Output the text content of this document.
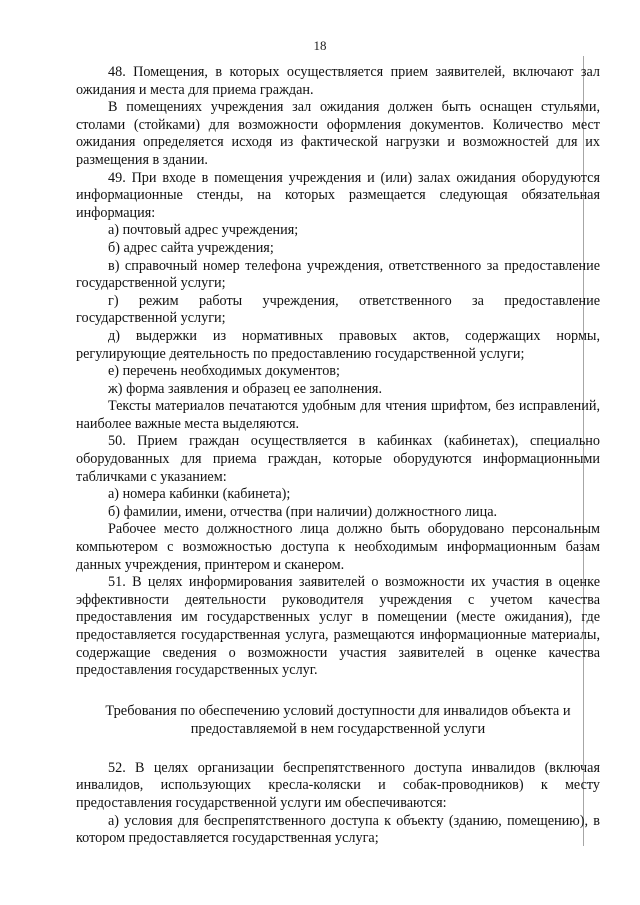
18

48. Помещения, в которых осуществляется прием заявителей, включают зал ожидания и места для приема граждан.

В помещениях учреждения зал ожидания должен быть оснащен стульями, столами (стойками) для возможности оформления документов. Количество мест ожидания определяется исходя из фактической нагрузки и возможностей для их размещения в здании.

49. При входе в помещения учреждения и (или) залах ожидания оборудуются информационные стенды, на которых размещается следующая обязательная информация:

а) почтовый адрес учреждения;

б) адрес сайта учреждения;

в) справочный номер телефона учреждения, ответственного за предоставление государственной услуги;

г) режим работы учреждения, ответственного за предоставление государственной услуги;

д) выдержки из нормативных правовых актов, содержащих нормы, регулирующие деятельность по предоставлению государственной услуги;

е) перечень необходимых документов;

ж) форма заявления и образец ее заполнения.

Тексты материалов печатаются удобным для чтения шрифтом, без исправлений, наиболее важные места выделяются.

50. Прием граждан осуществляется в кабинках (кабинетах), специально оборудованных для приема граждан, которые оборудуются информационными табличками с указанием:

а) номера кабинки (кабинета);

б) фамилии, имени, отчества (при наличии) должностного лица.

Рабочее место должностного лица должно быть оборудовано персональным компьютером с возможностью доступа к необходимым информационным базам данных учреждения, принтером и сканером.

51. В целях информирования заявителей о возможности их участия в оценке эффективности деятельности руководителя учреждения с учетом качества предоставления им государственных услуг в помещении (месте ожидания), где предоставляется государственная услуга, размещаются информационные материалы, содержащие сведения о возможности участия заявителей в оценке качества предоставления государственных услуг.

Требования по обеспечению условий доступности для инвалидов объекта и предоставляемой в нем государственной услуги

52. В целях организации беспрепятственного доступа инвалидов (включая инвалидов, использующих кресла-коляски и собак-проводников) к месту предоставления государственной услуги им обеспечиваются:

а) условия для беспрепятственного доступа к объекту (зданию, помещению), в котором предоставляется государственная услуга;
